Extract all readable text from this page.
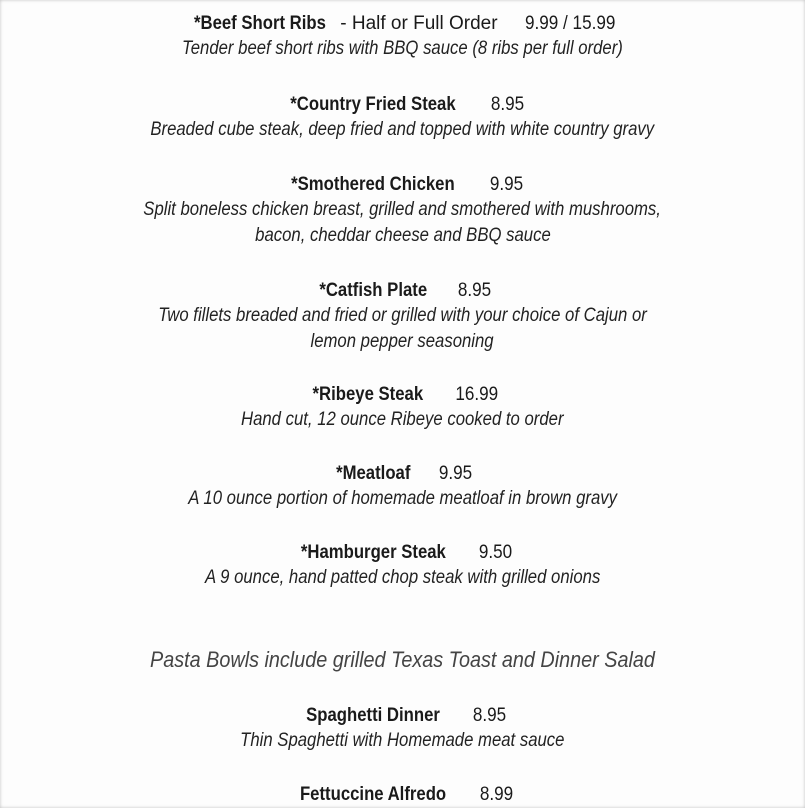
*Beef Short Ribs - Half or Full Order 9.99 / 15.99
Tender beef short ribs with BBQ sauce (8 ribs per full order)
*Country Fried Steak 8.95
Breaded cube steak, deep fried and topped with white country gravy
*Smothered Chicken 9.95
Split boneless chicken breast, grilled and smothered with mushrooms,
bacon, cheddar cheese and BBQ sauce
*Catfish Plate 8.95
Two fillets breaded and fried or grilled with your choice of Cajun or
lemon pepper seasoning
*Ribeye Steak 16.99
Hand cut, 12 ounce Ribeye cooked to order
*Meatloaf 9.95
A 10 ounce portion of homemade meatloaf in brown gravy
*Hamburger Steak 9.50
A 9 ounce, hand patted chop steak with grilled onions
Pasta Bowls include grilled Texas Toast and Dinner Salad
Spaghetti Dinner 8.95
Thin Spaghetti with Homemade meat sauce
Fettuccine Alfredo 8.99
